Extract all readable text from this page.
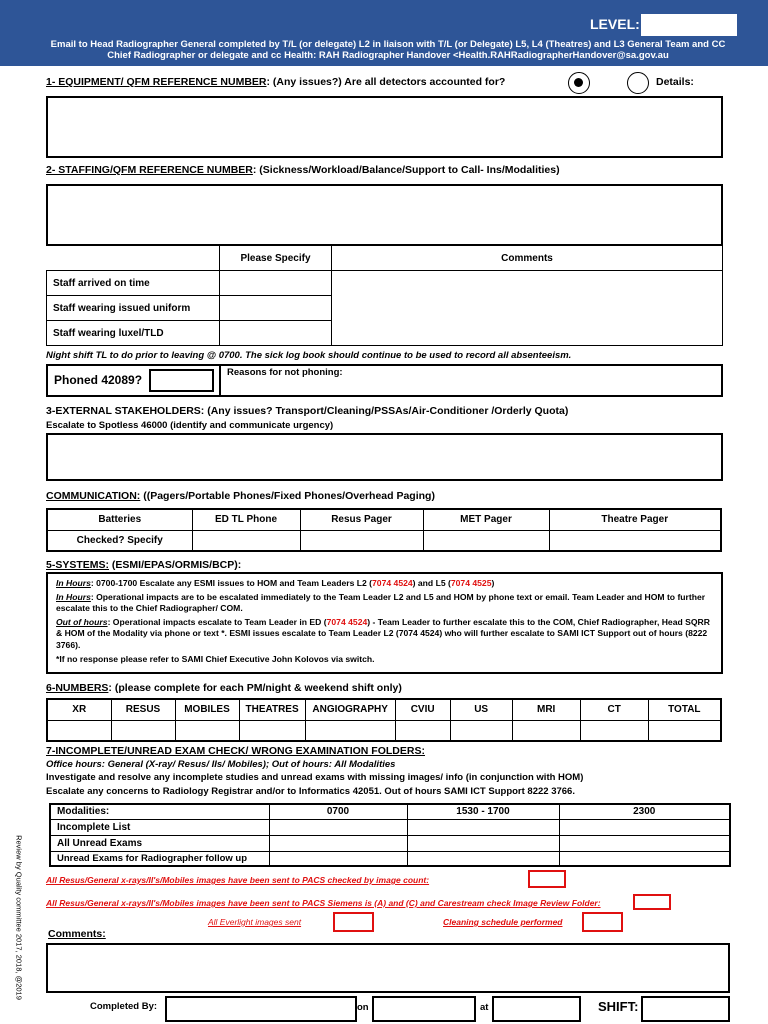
LEVEL:
Email to Head Radiographer General completed by T/L (or delegate) L2 in liaison with T/L (or Delegate) L5, L4 (Theatres) and L3 General Team and CC Chief Radiographer or delegate and cc Health: RAH Radiographer Handover <Health.RAHRadiographerHandover@sa.gov.au
1- EQUIPMENT/ QFM REFERENCE NUMBER: (Any issues?) Are all detectors accounted for?	Details:
2- STAFFING/QFM REFERENCE NUMBER: (Sickness/Workload/Balance/Support to Call- Ins/Modalities)
	Please Specify	Comments
Staff arrived on time		
Staff wearing issued uniform		
Staff wearing luxel/TLD		
Night shift TL to do prior to leaving @ 0700. The sick log book should continue to be used to record all absenteeism.
Phoned 42089?
Reasons for not phoning:
3-EXTERNAL STAKEHOLDERS: (Any issues? Transport/Cleaning/PSSAs/Air-Conditioner /Orderly Quota)
Escalate to Spotless 46000 (identify and communicate urgency)
COMMUNICATION: ((Pagers/Portable Phones/Fixed Phones/Overhead Paging)
Batteries	ED TL Phone	Resus Pager	MET Pager	Theatre Pager
Checked? Specify				
5-SYSTEMS: (ESMI/EPAS/ORMIS/BCP):

In Hours: 0700-1700 Escalate any ESMI issues to HOM and Team Leaders L2 (7074 4524) and L5 (7074 4525)

In Hours: Operational impacts are to be escalated immediately to the Team Leader L2 and L5 and HOM by phone text or email. Team Leader and HOM to further escalate this to the Chief Radiographer/ COM.

Out of hours: Operational impacts escalate to Team Leader in ED (7074 4524) - Team Leader to further escalate this to the COM, Chief Radiographer, Head SQRR & HOM of the Modality via phone or text *. ESMI issues escalate to Team Leader L2 (7074 4524) who will further escalate to SAMI ICT Support out of hours (8222 3766).

*If no response please refer to SAMI Chief Executive John Kolovos via switch.

6-NUMBERS: (please complete for each PM/night & weekend shift only)
XR	RESUS	MOBILES	THEATRES	ANGIOGRAPHY	CVIU	US	MRI	CT	TOTAL

7-INCOMPLETE/UNREAD EXAM CHECK/ WRONG EXAMINATION FOLDERS:
Office hours: General (X-ray/ Resus/ IIs/ Mobiles); Out of hours: All Modalities
Investigate and resolve any incomplete studies and unread exams with missing images/ info (in conjunction with HOM)
Escalate any concerns to Radiology Registrar and/or to Informatics 42051. Out of hours SAMI ICT Support 8222 3766.
Modalities:	0700	1530 - 1700	2300
Incomplete List			
All Unread Exams			
Unread Exams for Radiographer follow up			
All Resus/General x-rays/II's/Mobiles images have been sent to PACS checked by image count:
All Resus/General x-rays/II's/Mobiles images have been sent to PACS Siemens is (A) and (C) and Carestream check Image Review Folder:
All Everlight images sent	Cleaning schedule performed
Comments:
Completed By:	on	at	SHIFT:
Review by Quality committee 2017, 2018, @2019
